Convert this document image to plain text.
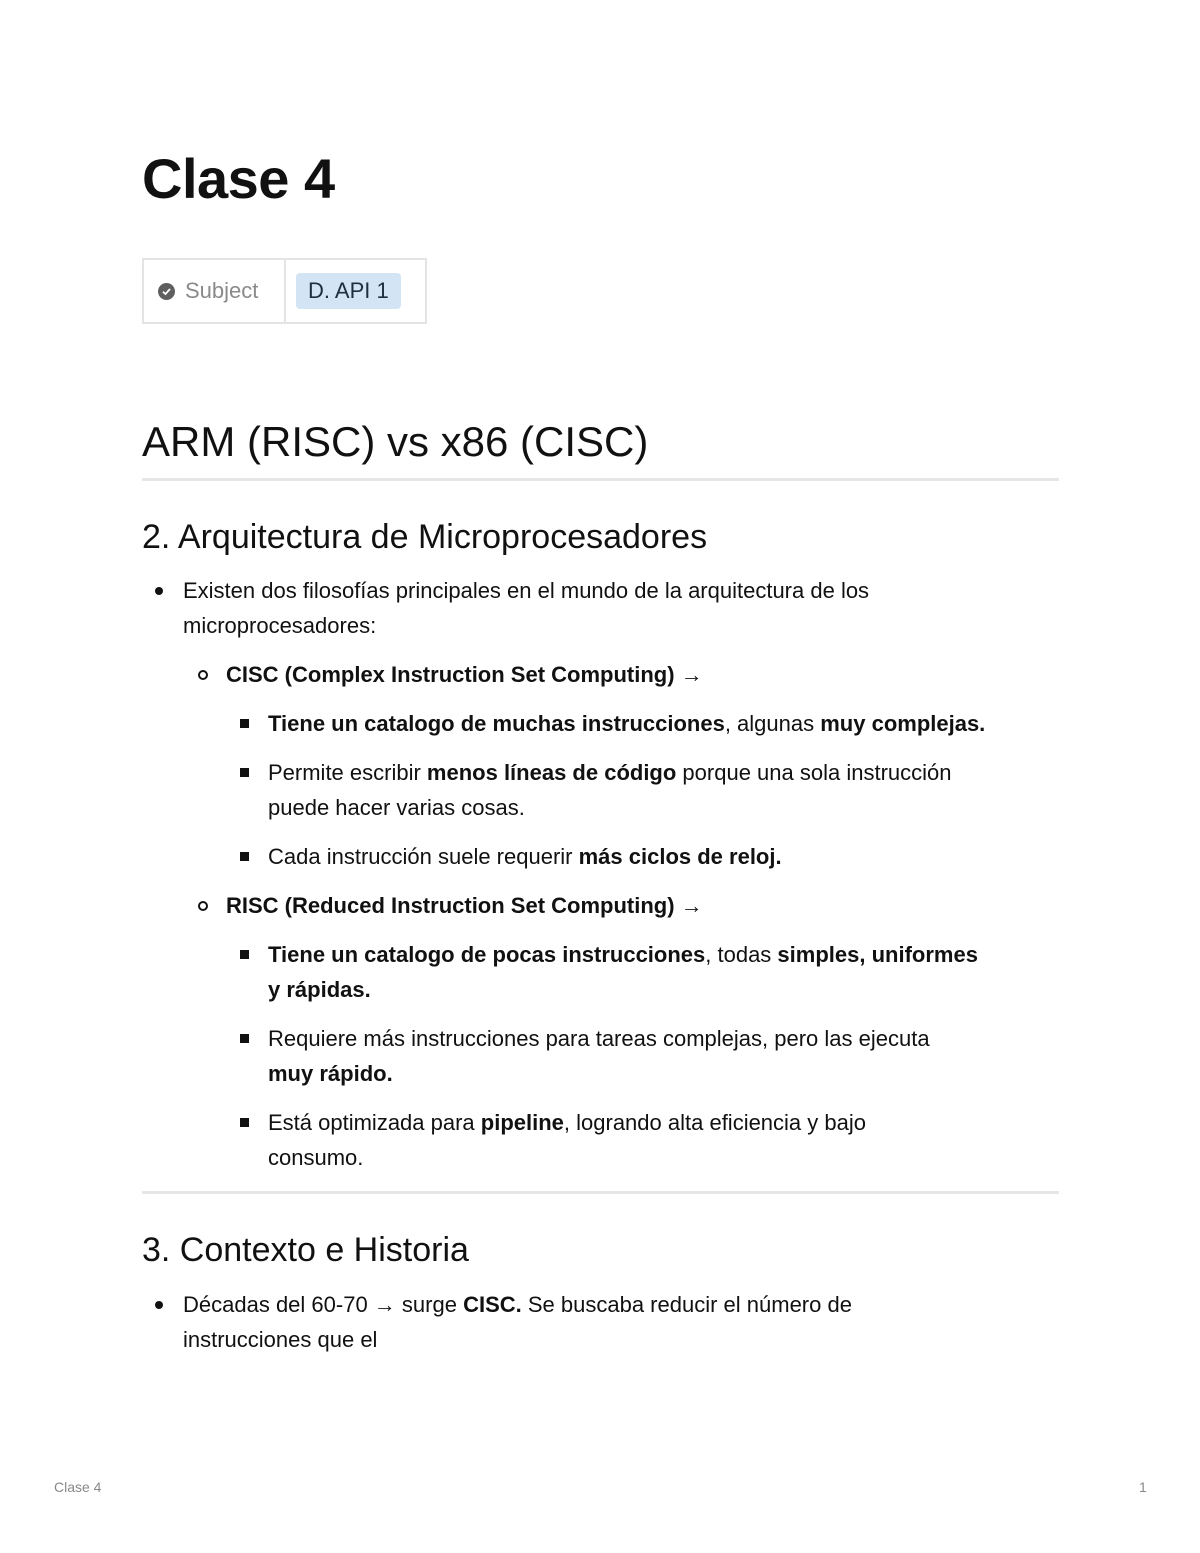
Clase 4
Subject	D. API 1
ARM (RISC) vs x86 (CISC)
2. Arquitectura de Microprocesadores
Existen dos filosofías principales en el mundo de la arquitectura de los
microprocesadores:
CISC (Complex Instruction Set Computing) →
Tiene un catalogo de muchas instrucciones, algunas muy complejas.
Permite escribir menos líneas de código porque una sola instrucción
puede hacer varias cosas.
Cada instrucción suele requerir más ciclos de reloj.
RISC (Reduced Instruction Set Computing) →
Tiene un catalogo de pocas instrucciones, todas simples, uniformes
y rápidas.
Requiere más instrucciones para tareas complejas, pero las ejecuta
muy rápido.
Está optimizada para pipeline, logrando alta eficiencia y bajo
consumo.
3. Contexto e Historia
Décadas del 60-70 → surge CISC. Se buscaba reducir el número de
instrucciones que el
Clase 4	1
